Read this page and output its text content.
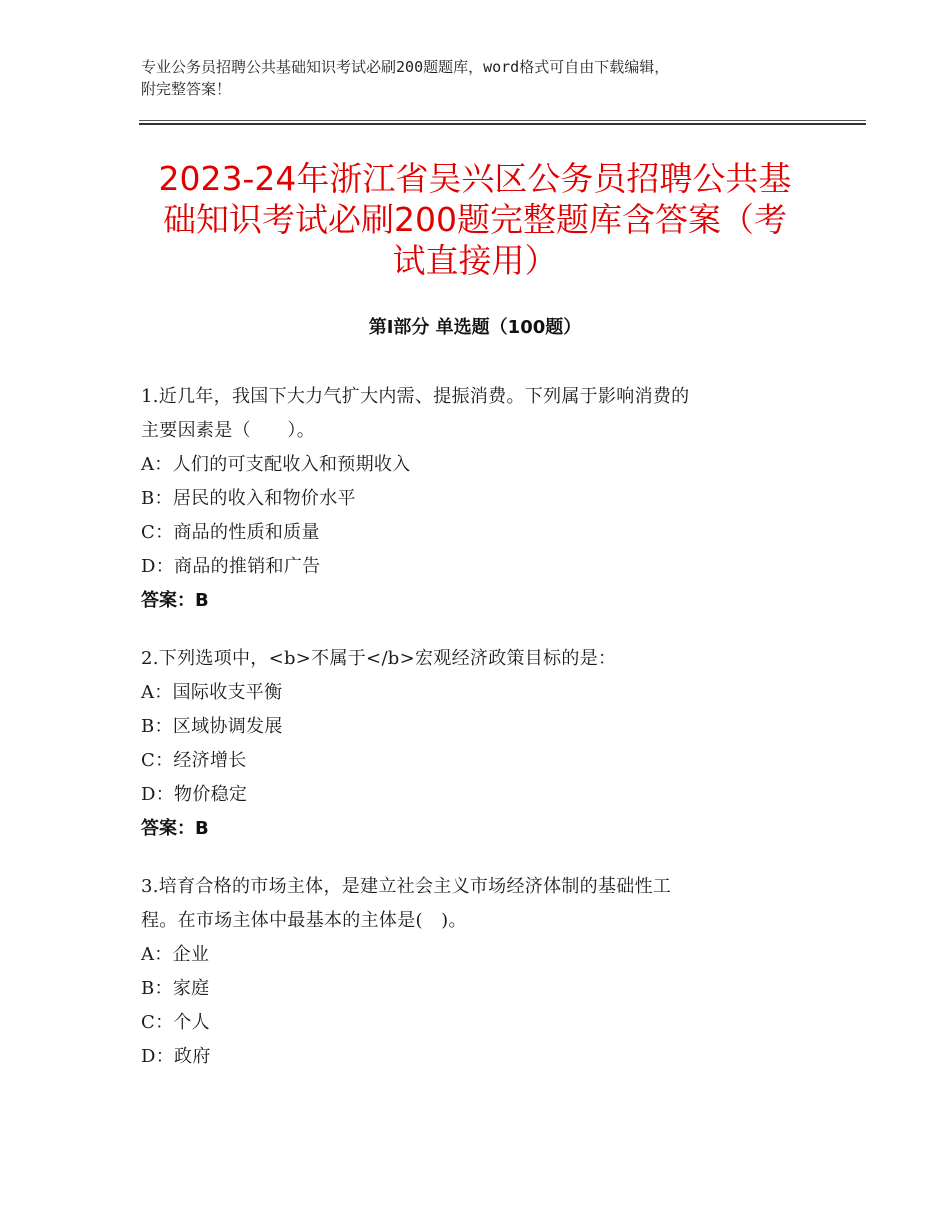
专业公务员招聘公共基础知识考试必刷200题题库，word格式可自由下载编辑，
附完整答案！
2023-24年浙江省吴兴区公务员招聘公共基
础知识考试必刷200题完整题库含答案（考
试直接用）
第Ⅰ部分 单选题（100题）
1.近几年，我国下大力气扩大内需、提振消费。下列属于影响消费的
主要因素是（　　）。
A：人们的可支配收入和预期收入
B：居民的收入和物价水平
C：商品的性质和质量
D：商品的推销和广告
答案：B
2.下列选项中，<b>不属于</b>宏观经济政策目标的是：
A：国际收支平衡
B：区域协调发展
C：经济增长
D：物价稳定
答案：B
3.培育合格的市场主体，是建立社会主义市场经济体制的基础性工
程。在市场主体中最基本的主体是(　)。
A：企业
B：家庭
C：个人
D：政府
